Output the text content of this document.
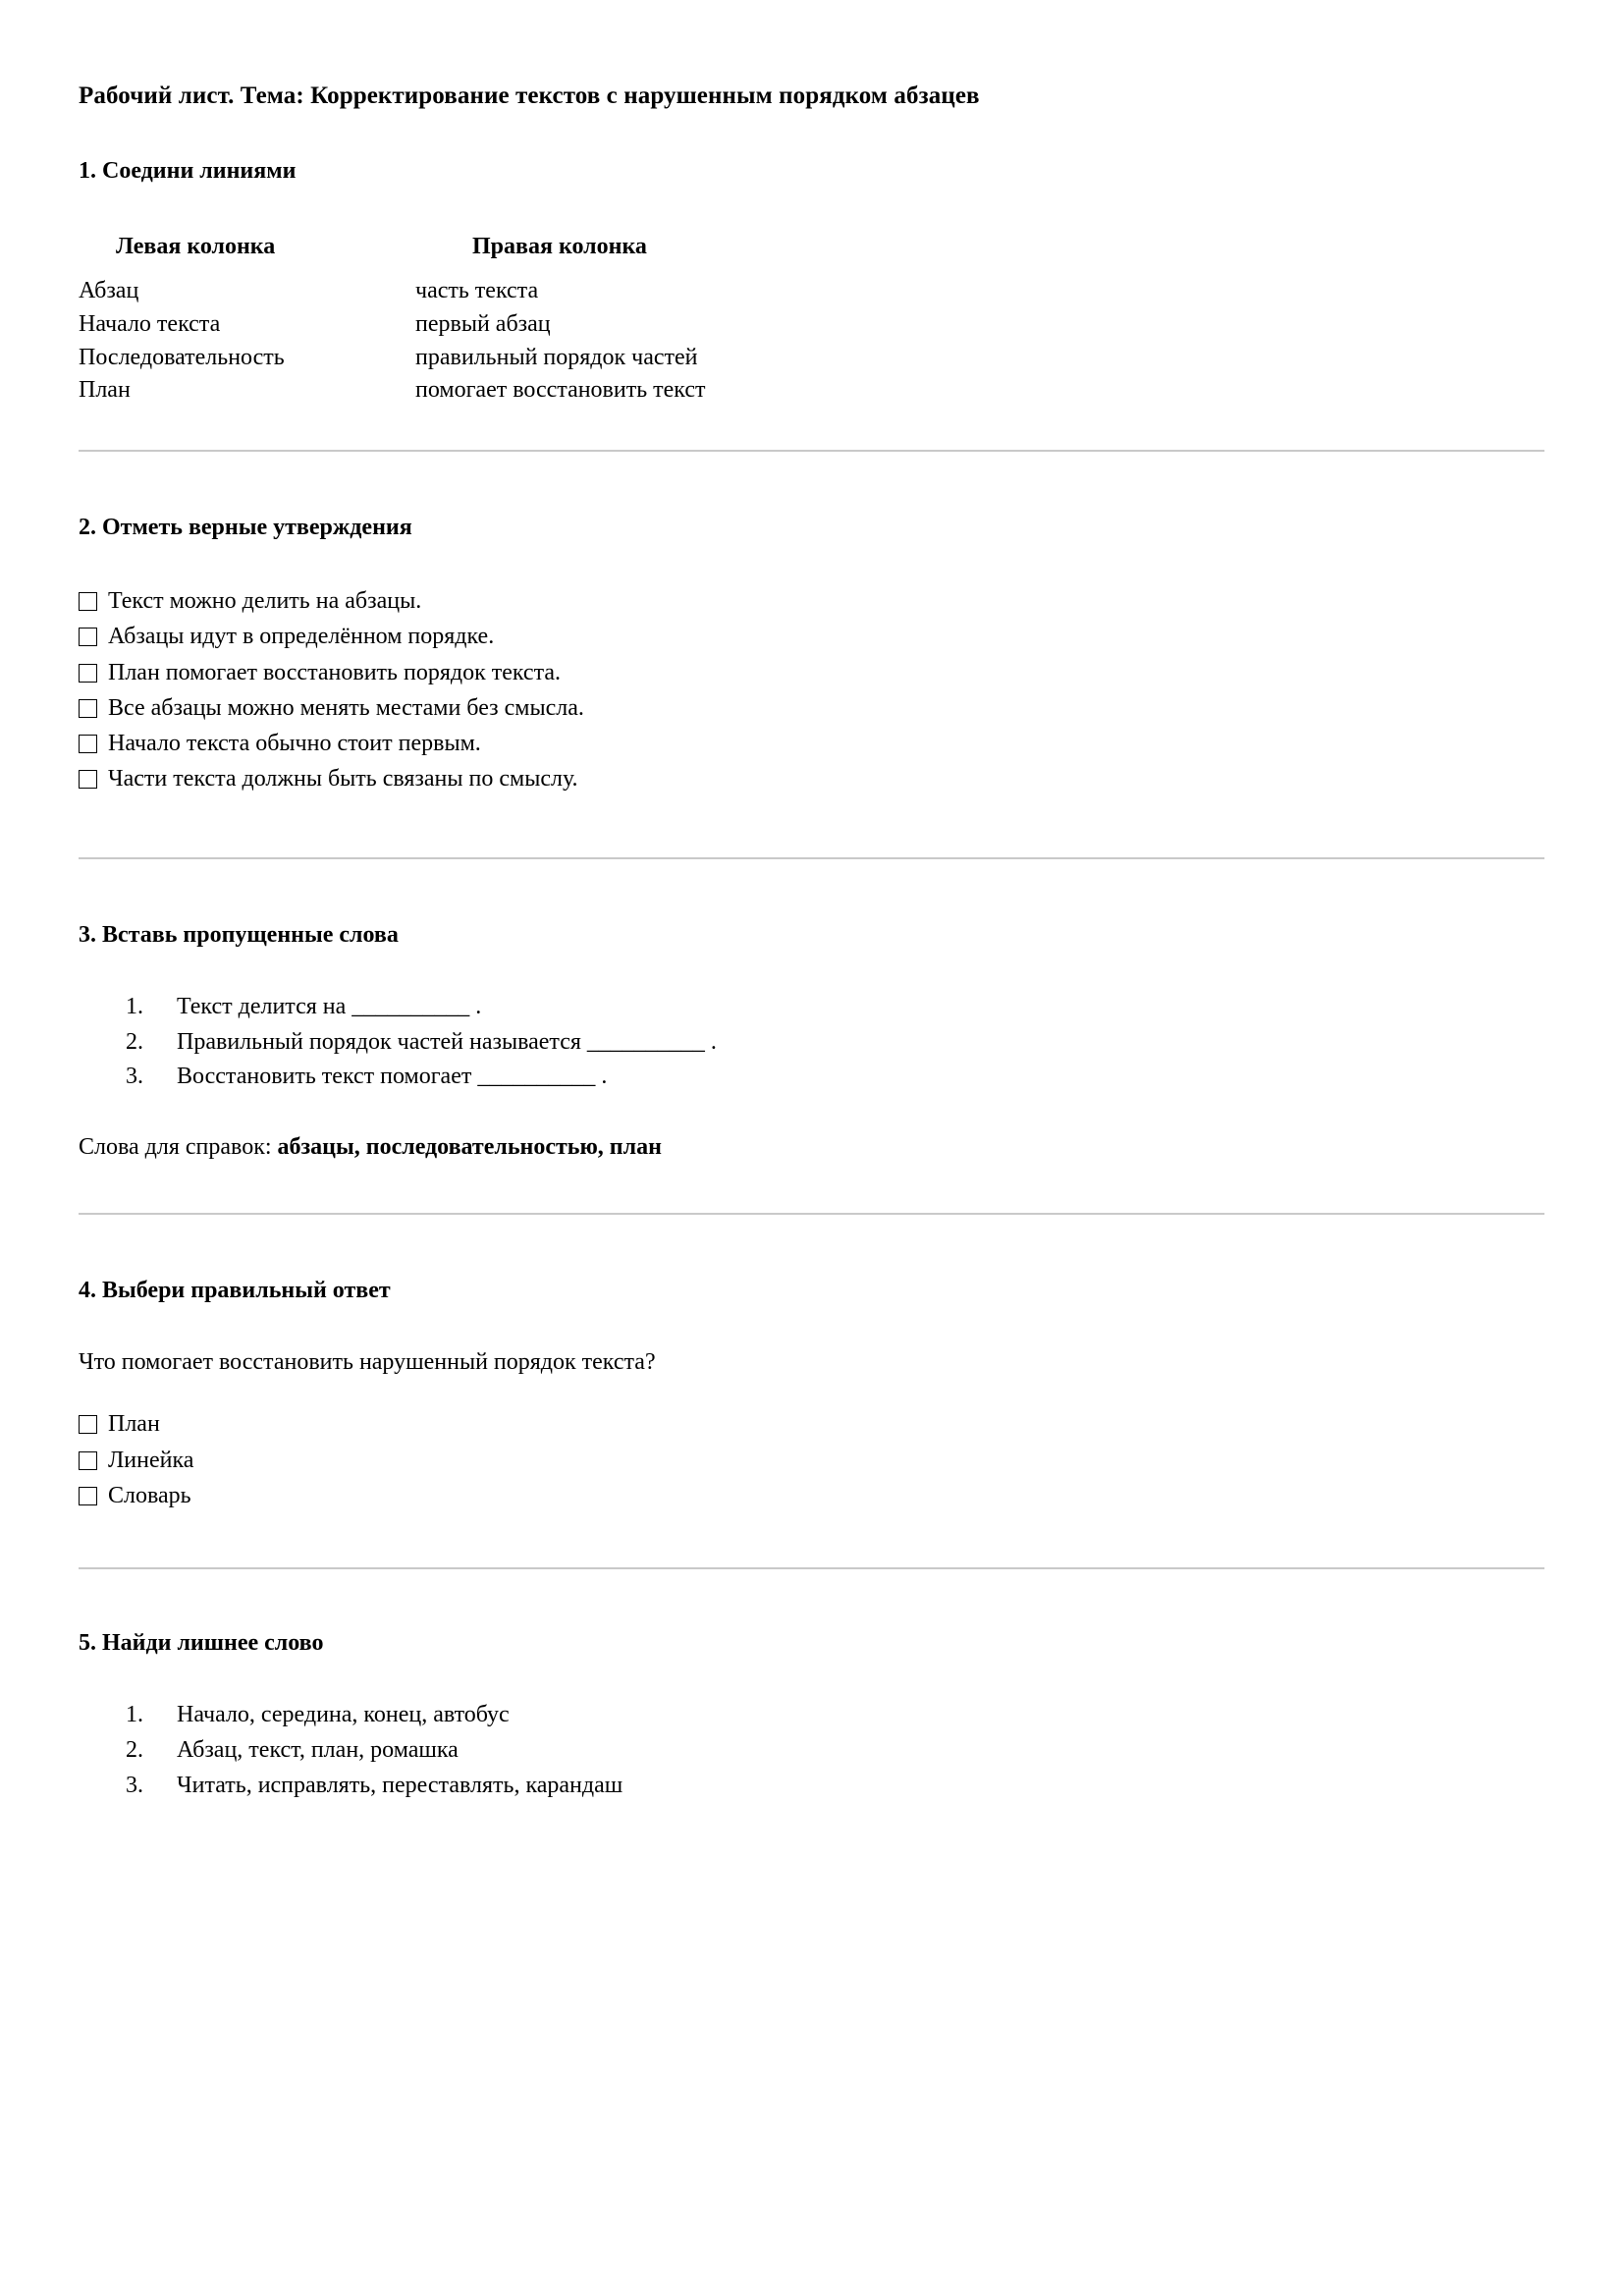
Рабочий лист. Тема: Корректирование текстов с нарушенным порядком абзацев
1. Соедини линиями
Левая колонка	Правая колонка
Абзац	часть текста
Начало текста	первый абзац
Последовательность	правильный порядок частей
План	помогает восстановить текст
2. Отметь верные утверждения
Текст можно делить на абзацы.
Абзацы идут в определённом порядке.
План помогает восстановить порядок текста.
Все абзацы можно менять местами без смысла.
Начало текста обычно стоит первым.
Части текста должны быть связаны по смыслу.
3. Вставь пропущенные слова
1.	Текст делится на __________ .
2.	Правильный порядок частей называется __________ .
3.	Восстановить текст помогает __________ .

Слова для справок: абзацы, последовательностью, план

4. Выбери правильный ответ

Что помогает восстановить нарушенный порядок текста?

План
Линейка
Словарь
5. Найди лишнее слово
1.	Начало, середина, конец, автобус
2.	Абзац, текст, план, ромашка
3.	Читать, исправлять, переставлять, карандаш
